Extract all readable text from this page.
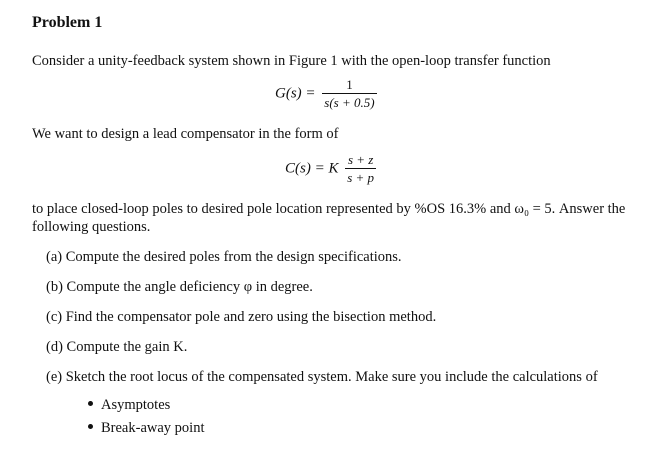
Problem 1
Consider a unity-feedback system shown in Figure 1 with the open-loop transfer function
$G(s) = \frac{1}{s(s + 0.5)}$
We want to design a lead compensator in the form of
C(s) = K $\frac{s + z}{s + p}$
to place closed-loop poles to desired pole location represented by %OS 16.3% and ω₀ = 5. Answer the
following questions.
(a) Compute the desired poles from the design specifications.
(b) Compute the angle deficiency φ in degree.
(c) Find the compensator pole and zero using the bisection method.
(d) Compute the gain K.
(e) Sketch the root locus of the compensated system. Make sure you include the calculations of
Asymptotes
Break-away point
